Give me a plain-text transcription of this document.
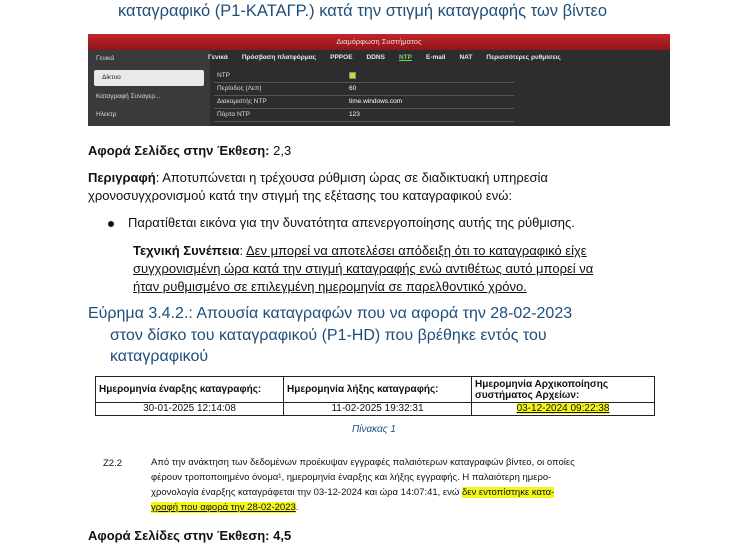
καταγραφικό (P1-ΚΑΤΑΓΡ.) κατά την στιγμή καταγραφής των βίντεο
Διαμόρφωση Συστήματος
Γενικά
Δίκτυο
Καταγραφή Συναγερ...
Ηλεκτρ
Γενικά Πρόσβαση πλατφόρμας PPPOE DDNS NTP E-mail NAT Περισσότερες ρυθμίσεις
NTP
Περίοδος (Λεπ)	60
Διακομιστής NTP	time.windows.com
Πόρτα NTP	123
Αφορά Σελίδες στην Έκθεση: 2,3
Περιγραφή: Αποτυπώνεται η τρέχουσα ρύθμιση ώρας σε διαδικτυακή υπηρεσία
χρονοσυγχρονισμού κατά την στιγμή της εξέτασης του καταγραφικού ενώ:
Παρατίθεται εικόνα για την δυνατότητα απενεργοποίησης αυτής της ρύθμισης.
Τεχνική Συνέπεια: Δεν μπορεί να αποτελέσει απόδειξη ότι το καταγραφικό είχε
συγχρονισμένη ώρα κατά την στιγμή καταγραφής ενώ αντιθέτως αυτό μπορεί να
ήταν ρυθμισμένο σε επιλεγμένη ημερομηνία σε παρελθοντικό χρόνο.
Εύρημα 3.4.2.: Απουσία καταγραφών που να αφορά την 28-02-2023
στον δίσκο του καταγραφικού (P1-HD) που βρέθηκε εντός του
καταγραφικού
Ημερομηνία έναρξης καταγραφής:	Ημερομηνία λήξης καταγραφής:	Ημερομηνία Αρχικοποίησης συστήματος Αρχείων:
30-01-2025 12:14:08	11-02-2025 19:32:31	03-12-2024 09:22:38
Πίνακας 1
Z2.2	Από την ανάκτηση των δεδομένων προέκυψαν εγγραφές παλαιότερων καταγραφών βίντεο, οι οποίες
φέρουν τροποποιημένο όνομα¹, ημερομηνία έναρξης και λήξης εγγραφής. Η παλαιότερη ημερο-
χρονολογία έναρξης καταγράφεται την 03-12-2024 και ώρα 14:07:41, ενώ δεν εντοπίστηκε κατα-
γραφή που αφορά την 28-02-2023.
Αφορά Σελίδες στην Έκθεση: 4,5
